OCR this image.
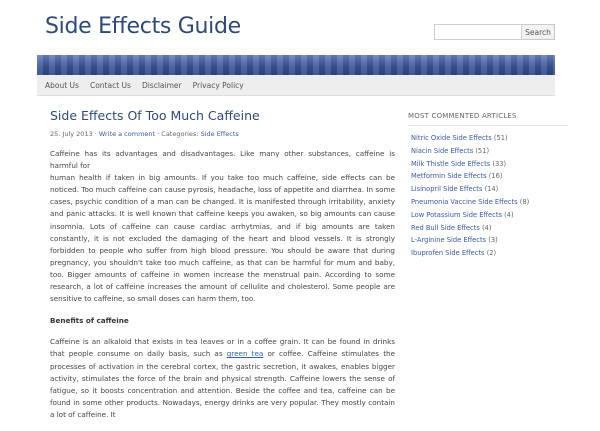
Side Effects Guide	Search
About Us Contact Us Disclaimer Privacy Policy
Side Effects Of Too Much Caffeine
25. July 2013 · Write a comment · Categories: Side Effects

Caffeine has its advantages and disadvantages. Like many other substances, caffeine is harmful for
human health if taken in big amounts. If you take too much caffeine, side effects can be noticed. Too much caffeine can cause pyrosis, headache, loss of appetite and diarrhea. In some cases, psychic condition of a man can be changed. It is manifested through irritability, anxiety and panic attacks. It is well known that caffeine keeps you awaken, so big amounts can cause insomnia. Lots of caffeine can cause cardiac arrhytmias, and if big amounts are taken constantly, it is not excluded the damaging of the heart and blood vessels. It is strongly forbidden to people who suffer from high blood pressure. You should be aware that during pregnancy, you shouldn't take too much caffeine, as that can be harmful for mum and baby, too. Bigger amounts of caffeine in women increase the menstrual pain. According to some research, a lot of caffeine increases the amount of cellulite and cholesterol. Some people are sensitive to caffeine, so small doses can harm them, too.

Benefits of caffeine

Caffeine is an alkaloid that exists in tea leaves or in a coffee grain. It can be found in drinks that people consume on daily basis, such as green tea or coffee. Caffeine stimulates the processes of activation in the cerebral cortex, the gastric secretion, it awakes, enables bigger activity, stimulates the force of the brain and physical strength. Caffeine lowers the sense of fatigue, so it boosts concentration and attention. Beside the coffee and tea, caffeine can be found in some other products. Nowadays, energy drinks are very popular. They mostly contain a lot of caffeine. It

MOST COMMENTED ARTICLES
Nitric Oxide Side Effects (51)
Niacin Side Effects (51)
Milk Thistle Side Effects (33)
Metformin Side Effects (16)
Lisinopril Side Effects (14)
Pneumonia Vaccine Side Effects (8)
Low Potassium Side Effects (4)
Red Bull Side Effects (4)
L-Arginine Side Effects (3)
Ibuprofen Side Effects (2)
